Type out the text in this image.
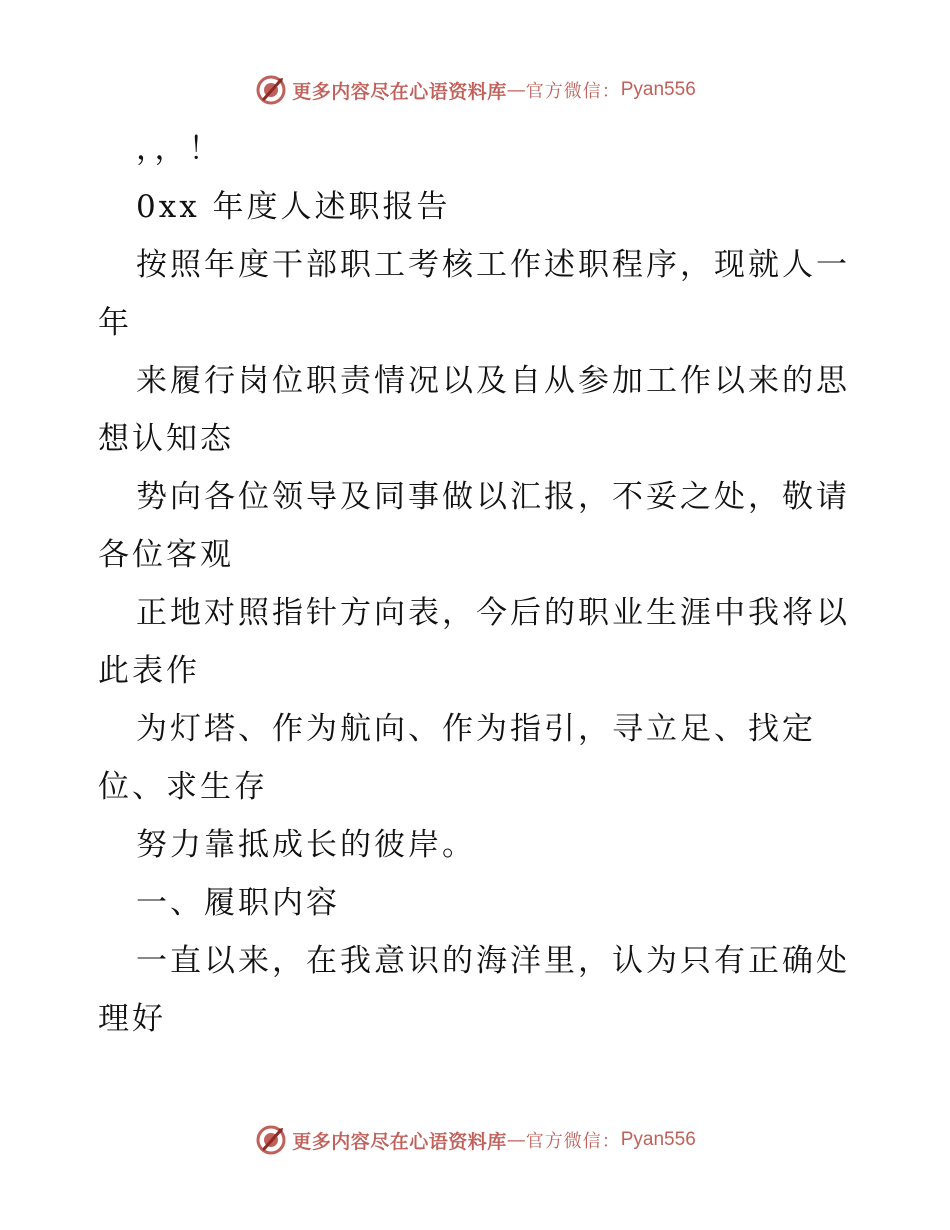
更多内容尽在心语资料库 — 官方微信： Pyan556
，，！
0xx 年度人述职报告
按照年度干部职工考核工作述职程序，现就人一
年
来履行岗位职责情况以及自从参加工作以来的思
想认知态
势向各位领导及同事做以汇报，不妥之处，敬请
各位客观
正地对照指针方向表，今后的职业生涯中我将以
此表作
为灯塔、作为航向、作为指引，寻立足、找定
位、求生存
努力靠抵成长的彼岸。
一、履职内容
一直以来，在我意识的海洋里，认为只有正确处
理好
更多内容尽在心语资料库 — 官方微信： Pyan556
